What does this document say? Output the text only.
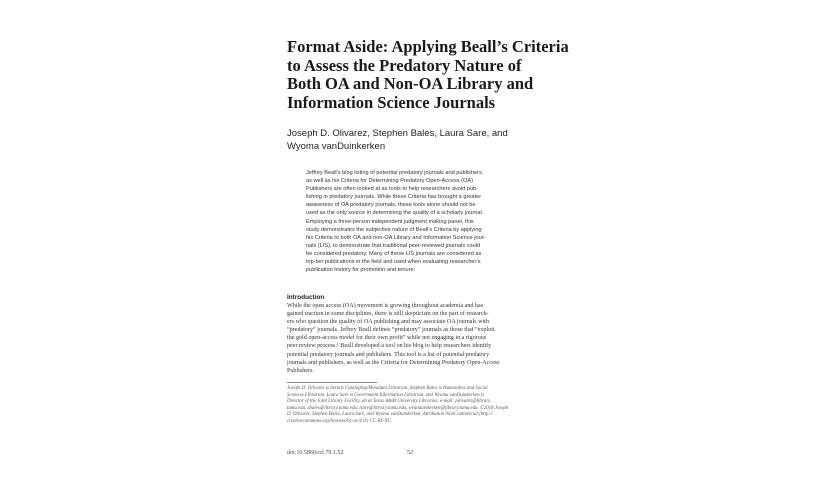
Format Aside: Applying Beall’s Criteria
to Assess the Predatory Nature of
Both OA and Non-OA Library and
Information Science Journals
Joseph D. Olivarez, Stephen Bales, Laura Sare, and
Wyoma vanDuinkerken
Jeffrey Beall’s blog listing of potential predatory journals and publishers,
as well as his Criteria for Determining Predatory Open-Access (OA)
Publishers are often looked at as tools to help researchers avoid pub-
lishing in predatory journals. While these Criteria has brought a greater
awareness of OA predatory journals, these tools alone should not be
used as the only source in determining the quality of a scholarly journal.
Employing a three-person independent judgment making panel, this
study demonstrates the subjective nature of Beall’s Criteria by applying
his Criteria to both OA and non-OA Library and Information Science jour-
nals (LIS), to demonstrate that traditional peer-reviewed journals could
be considered predatory. Many of these LIS journals are considered as
top-tier publications in the field and used when evaluating researcher’s
publication history for promotion and tenure.
Introduction
While the open access (OA) movement is growing throughout academia and has
gained traction in some disciplines, there is still skepticism on the part of research-
ers who question the quality of OA publishing and may associate OA journals with
“predatory” journals. Jeffrey Beall defines “predatory” journals as those that “exploit
the gold open-access model for their own profit” while not engaging in a rigorous
peer review process.¹ Beall developed a tool on his blog to help researchers identify
potential predatory journals and publishers. This tool is a list of potential predatory
journals and publishers, as well as the Criteria for Determining Predatory Open-Access
Publishers.
Joseph D. Olivarez is Serials Cataloging/Metadata Librarian, Stephen Bales is Humanities and Social
Sciences Librarian, Laura Sare is Government Information Librarian, and Wyoma vanDuinkerken is
Director of the Joint Library Facility, all at Texas A&M University Libraries; e-mail: jolivarez@library.
tamu.edu, sbales@library.tamu.edu, lsare@library.tamu.edu, wvanduinkerken@library.tamu.edu. ©2018 Joseph
D. Olivarez, Stephen Bales, Laura Sare, and Wyoma vanDuinkerken, Attribution-NonCommercial (http://
creativecommons.org/licenses/by-nc/4.0/) CC BY-NC.
doi:10.5860/crl.79.1.52	52
